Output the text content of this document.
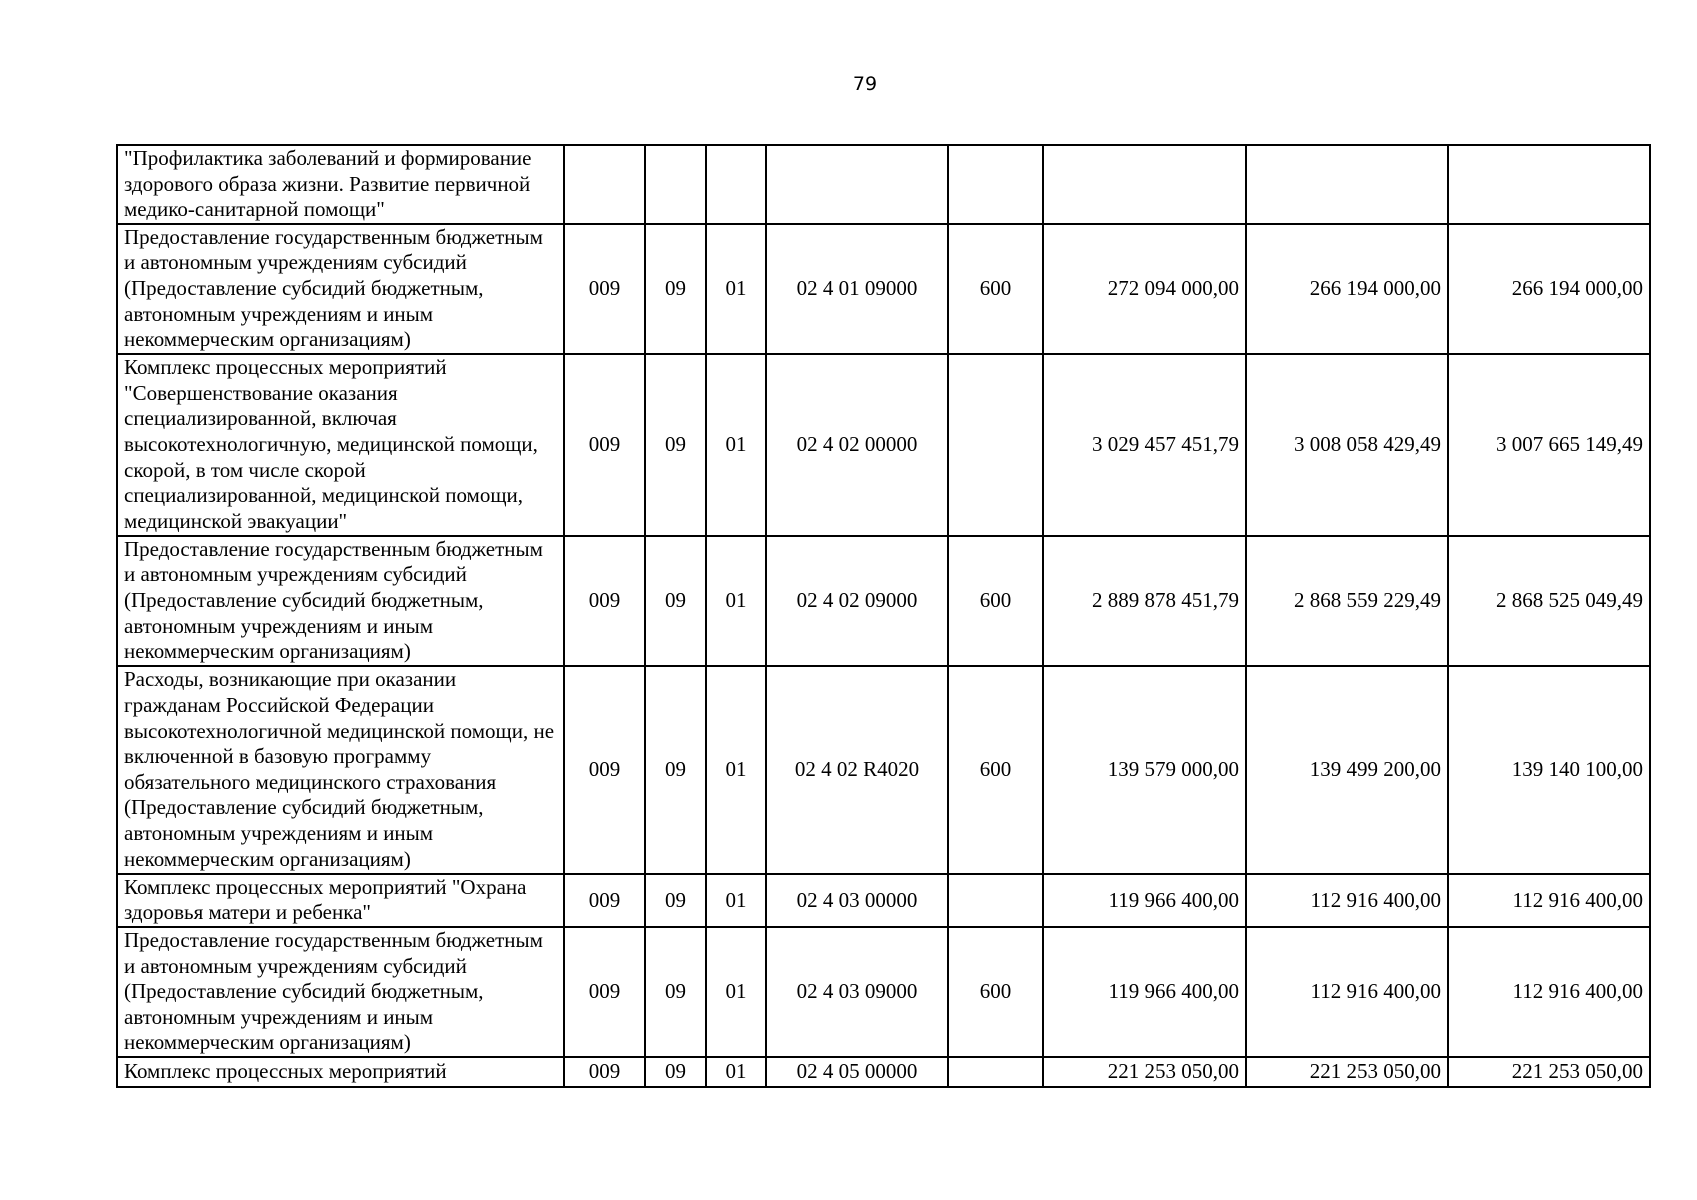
79
"Профилактика заболеваний и формирование здорового образа жизни. Развитие первичной медико-санитарной помощи"								
Предоставление государственным бюджетным и автономным учреждениям субсидий (Предоставление субсидий бюджетным, автономным учреждениям и иным некоммерческим организациям)	009	09	01	02 4 01 09000	600	272 094 000,00	266 194 000,00	266 194 000,00
Комплекс процессных мероприятий "Совершенствование оказания специализированной, включая высокотехнологичную, медицинской помощи, скорой, в том числе скорой специализированной, медицинской помощи, медицинской эвакуации"	009	09	01	02 4 02 00000		3 029 457 451,79	3 008 058 429,49	3 007 665 149,49
Предоставление государственным бюджетным и автономным учреждениям субсидий (Предоставление субсидий бюджетным, автономным учреждениям и иным некоммерческим организациям)	009	09	01	02 4 02 09000	600	2 889 878 451,79	2 868 559 229,49	2 868 525 049,49
Расходы, возникающие при оказании гражданам Российской Федерации высокотехнологичной медицинской помощи, не включенной в базовую программу обязательного медицинского страхования (Предоставление субсидий бюджетным, автономным учреждениям и иным некоммерческим организациям)	009	09	01	02 4 02 R4020	600	139 579 000,00	139 499 200,00	139 140 100,00
Комплекс процессных мероприятий "Охрана здоровья матери и ребенка"	009	09	01	02 4 03 00000		119 966 400,00	112 916 400,00	112 916 400,00
Предоставление государственным бюджетным и автономным учреждениям субсидий (Предоставление субсидий бюджетным, автономным учреждениям и иным некоммерческим организациям)	009	09	01	02 4 03 09000	600	119 966 400,00	112 916 400,00	112 916 400,00
Комплекс процессных мероприятий	009	09	01	02 4 05 00000		221 253 050,00	221 253 050,00	221 253 050,00
